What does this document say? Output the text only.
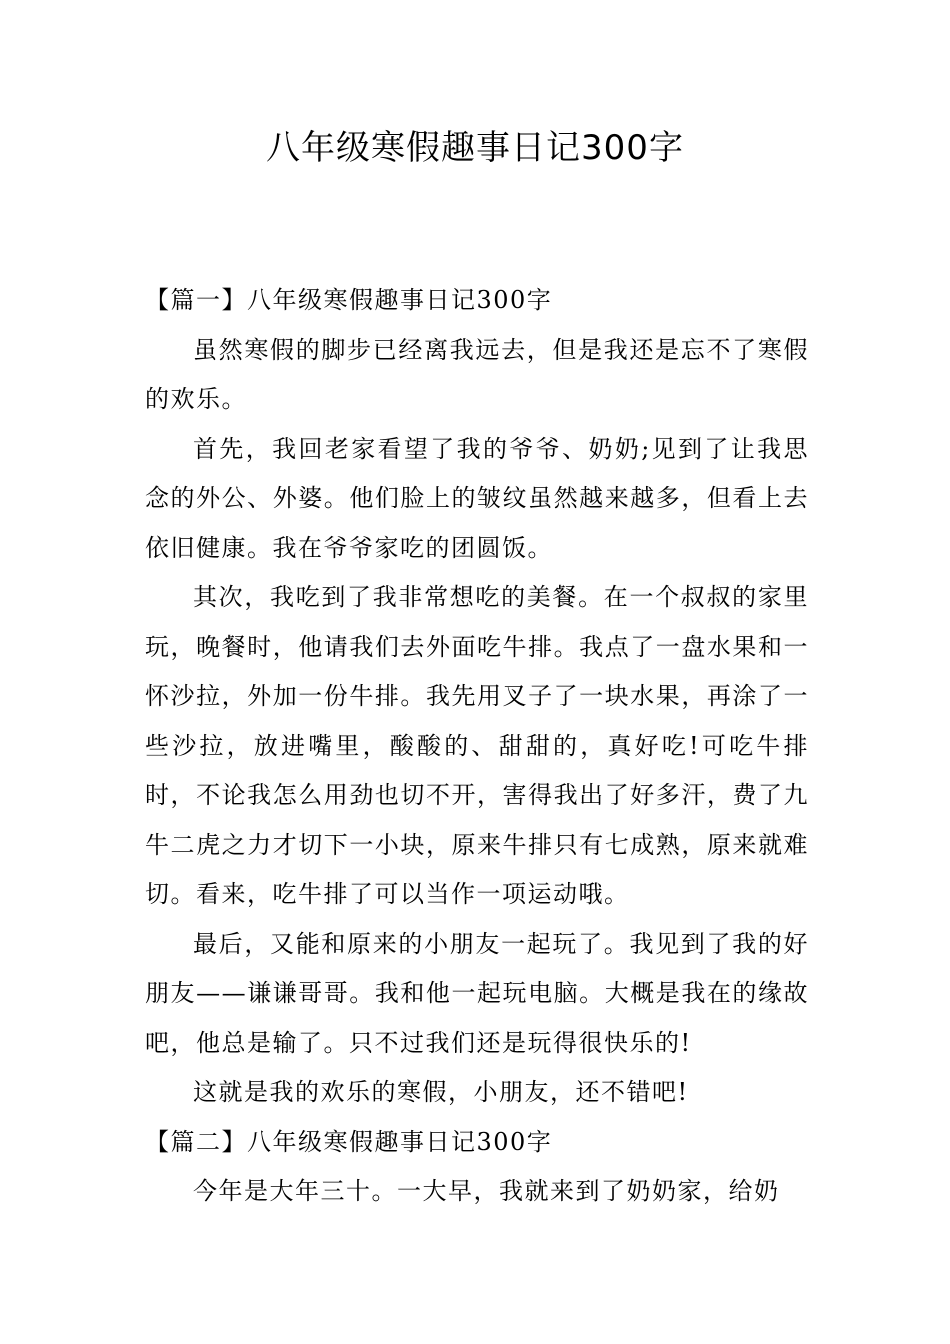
八年级寒假趣事日记300字

【篇一】八年级寒假趣事日记300字

虽然寒假的脚步已经离我远去，但是我还是忘不了寒假的欢乐。

首先，我回老家看望了我的爷爷、奶奶;见到了让我思念的外公、外婆。他们脸上的皱纹虽然越来越多，但看上去依旧健康。我在爷爷家吃的团圆饭。

其次，我吃到了我非常想吃的美餐。在一个叔叔的家里玩，晚餐时，他请我们去外面吃牛排。我点了一盘水果和一怀沙拉，外加一份牛排。我先用叉子了一块水果，再涂了一些沙拉，放进嘴里，酸酸的、甜甜的，真好吃!可吃牛排时，不论我怎么用劲也切不开，害得我出了好多汗，费了九牛二虎之力才切下一小块，原来牛排只有七成熟，原来就难切。看来，吃牛排了可以当作一项运动哦。

最后，又能和原来的小朋友一起玩了。我见到了我的好朋友——谦谦哥哥。我和他一起玩电脑。大概是我在的缘故吧，他总是输了。只不过我们还是玩得很快乐的!

这就是我的欢乐的寒假，小朋友，还不错吧!

【篇二】八年级寒假趣事日记300字

今年是大年三十。一大早，我就来到了奶奶家，给奶
